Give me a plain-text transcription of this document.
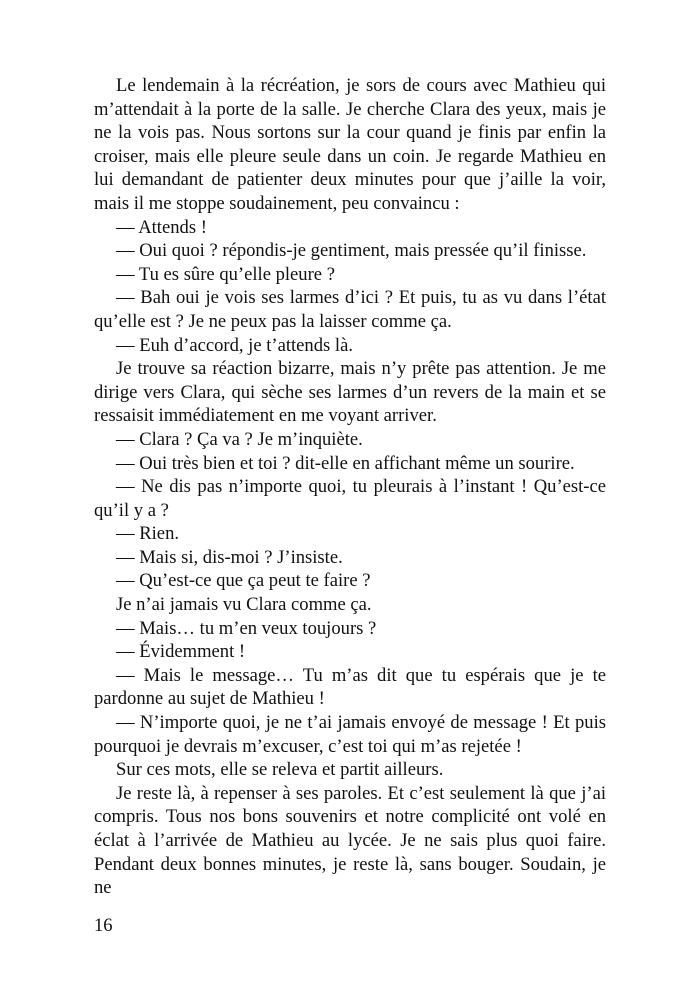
Le lendemain à la récréation, je sors de cours avec Mathieu qui m’attendait à la porte de la salle. Je cherche Clara des yeux, mais je ne la vois pas. Nous sortons sur la cour quand je finis par enfin la croiser, mais elle pleure seule dans un coin. Je regarde Mathieu en lui demandant de patienter deux minutes pour que j’aille la voir, mais il me stoppe soudainement, peu convaincu :

— Attends !

— Oui quoi ? répondis-je gentiment, mais pressée qu’il finisse.

— Tu es sûre qu’elle pleure ?

— Bah oui je vois ses larmes d’ici ? Et puis, tu as vu dans l’état qu’elle est ? Je ne peux pas la laisser comme ça.

— Euh d’accord, je t’attends là.

Je trouve sa réaction bizarre, mais n’y prête pas attention. Je me dirige vers Clara, qui sèche ses larmes d’un revers de la main et se ressaisit immédiatement en me voyant arriver.

— Clara ? Ça va ? Je m’inquiète.

— Oui très bien et toi ? dit-elle en affichant même un sourire.

— Ne dis pas n’importe quoi, tu pleurais à l’instant ! Qu’est-ce qu’il y a ?

— Rien.

— Mais si, dis-moi ? J’insiste.

— Qu’est-ce que ça peut te faire ?

Je n’ai jamais vu Clara comme ça.

— Mais… tu m’en veux toujours ?

— Évidemment !

— Mais le message… Tu m’as dit que tu espérais que je te pardonne au sujet de Mathieu !

— N’importe quoi, je ne t’ai jamais envoyé de message ! Et puis pourquoi je devrais m’excuser, c’est toi qui m’as rejetée !

Sur ces mots, elle se releva et partit ailleurs.

Je reste là, à repenser à ses paroles. Et c’est seulement là que j’ai compris. Tous nos bons souvenirs et notre complicité ont volé en éclat à l’arrivée de Mathieu au lycée. Je ne sais plus quoi faire. Pendant deux bonnes minutes, je reste là, sans bouger. Soudain, je ne

16
